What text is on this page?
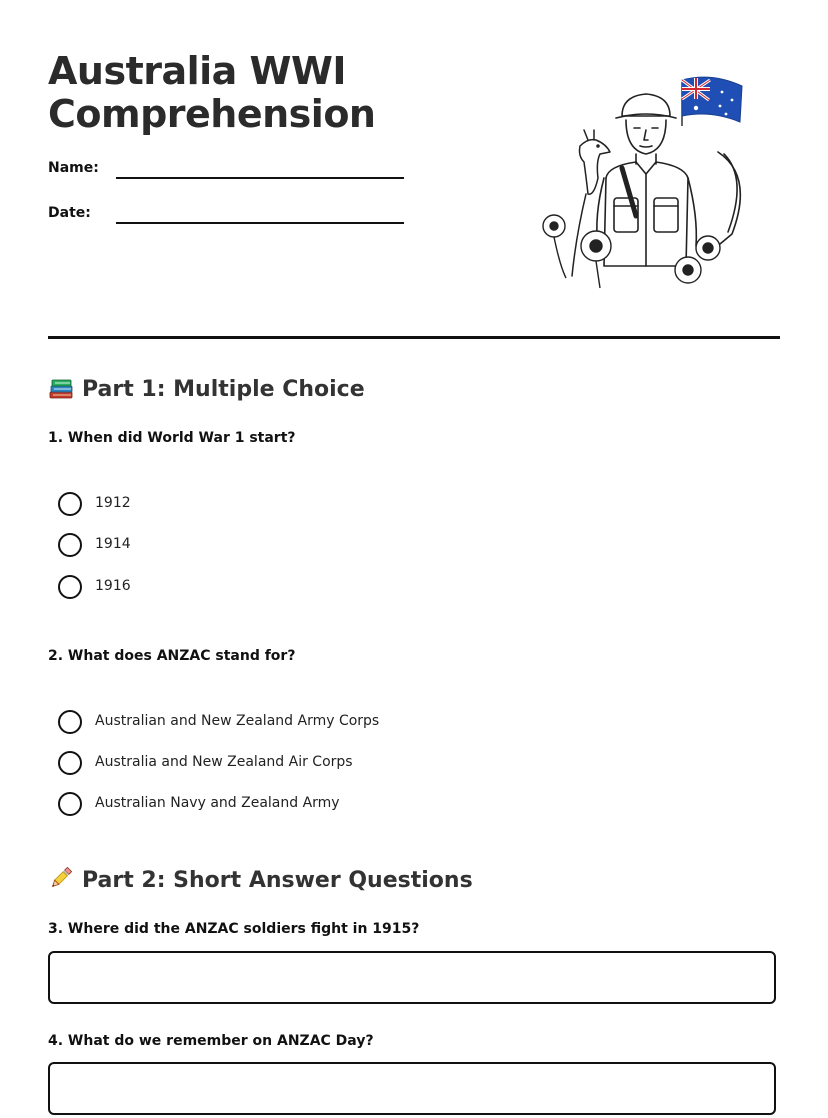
Australia WWI Comprehension
Name:
Date:
Part 1: Multiple Choice
1. When did World War 1 start?
1912
1914
1916
2. What does ANZAC stand for?
Australian and New Zealand Army Corps
Australia and New Zealand Air Corps
Australian Navy and Zealand Army
Part 2: Short Answer Questions
3. Where did the ANZAC soldiers fight in 1915?
4. What do we remember on ANZAC Day?
